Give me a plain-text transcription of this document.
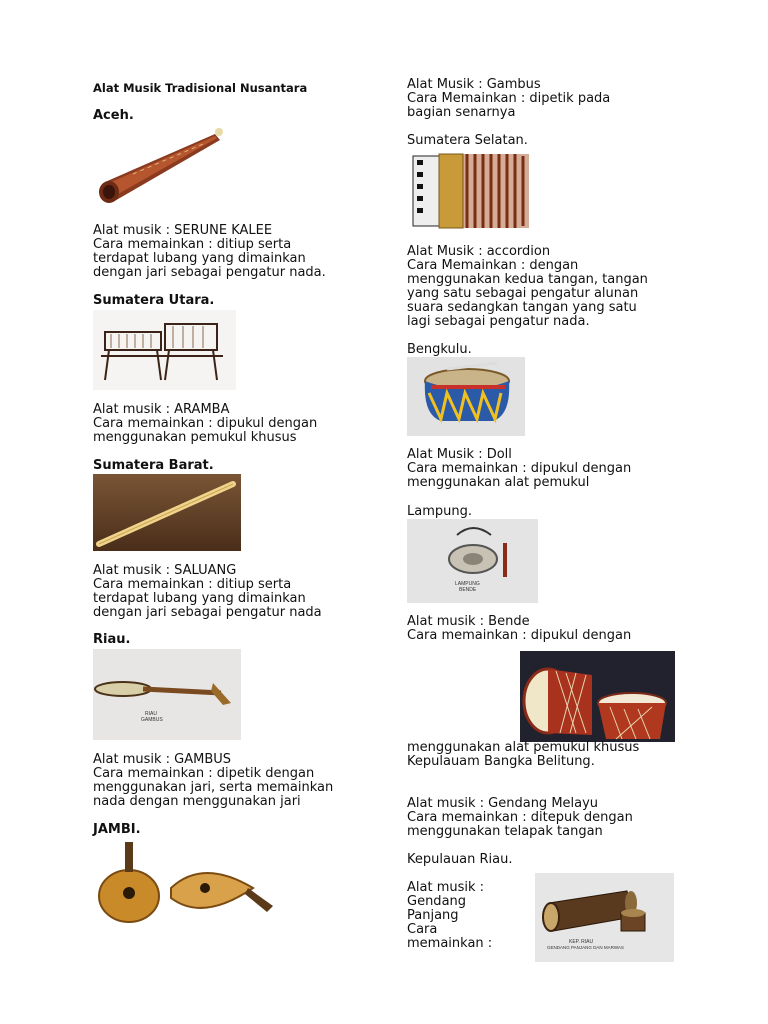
Alat Musik Tradisional Nusantara
Aceh.
Alat musik : SERUNE KALEE
Cara memainkan : ditiup serta
terdapat lubang yang dimainkan
dengan jari sebagai pengatur nada.
Sumatera Utara.
Alat musik : ARAMBA
Cara memainkan : dipukul dengan
menggunakan pemukul khusus
Sumatera Barat.
Alat musik : SALUANG
Cara memainkan : ditiup serta
terdapat lubang yang dimainkan
dengan jari sebagai pengatur nada
Riau.
RIAU
GAMBUS
Alat musik : GAMBUS
Cara memainkan : dipetik dengan
menggunakan jari, serta memainkan
nada dengan menggunakan jari
JAMBI.
Alat Musik : Gambus
Cara Memainkan : dipetik pada
bagian senarnya
Sumatera Selatan.
Alat Musik : accordion
Cara Memainkan : dengan
menggunakan kedua tangan, tangan
yang satu sebagai pengatur alunan
suara sedangkan tangan yang satu
lagi sebagai pengatur nada.
Bengkulu.
Alat Musik : Doll
Cara memainkan : dipukul dengan
menggunakan alat pemukul
Lampung.
LAMPUNG
BENDE
Alat musik : Bende
Cara memainkan : dipukul dengan
menggunakan alat pemukul khusus
Kepulauam Bangka Belitung.
Alat musik : Gendang Melayu
Cara memainkan : ditepuk dengan
menggunakan telapak tangan
Kepulauan Riau.
Alat musik :
Gendang
Panjang
Cara
memainkan :	KEP. RIAU
GENDANG PANJANG DAN MARWAS
